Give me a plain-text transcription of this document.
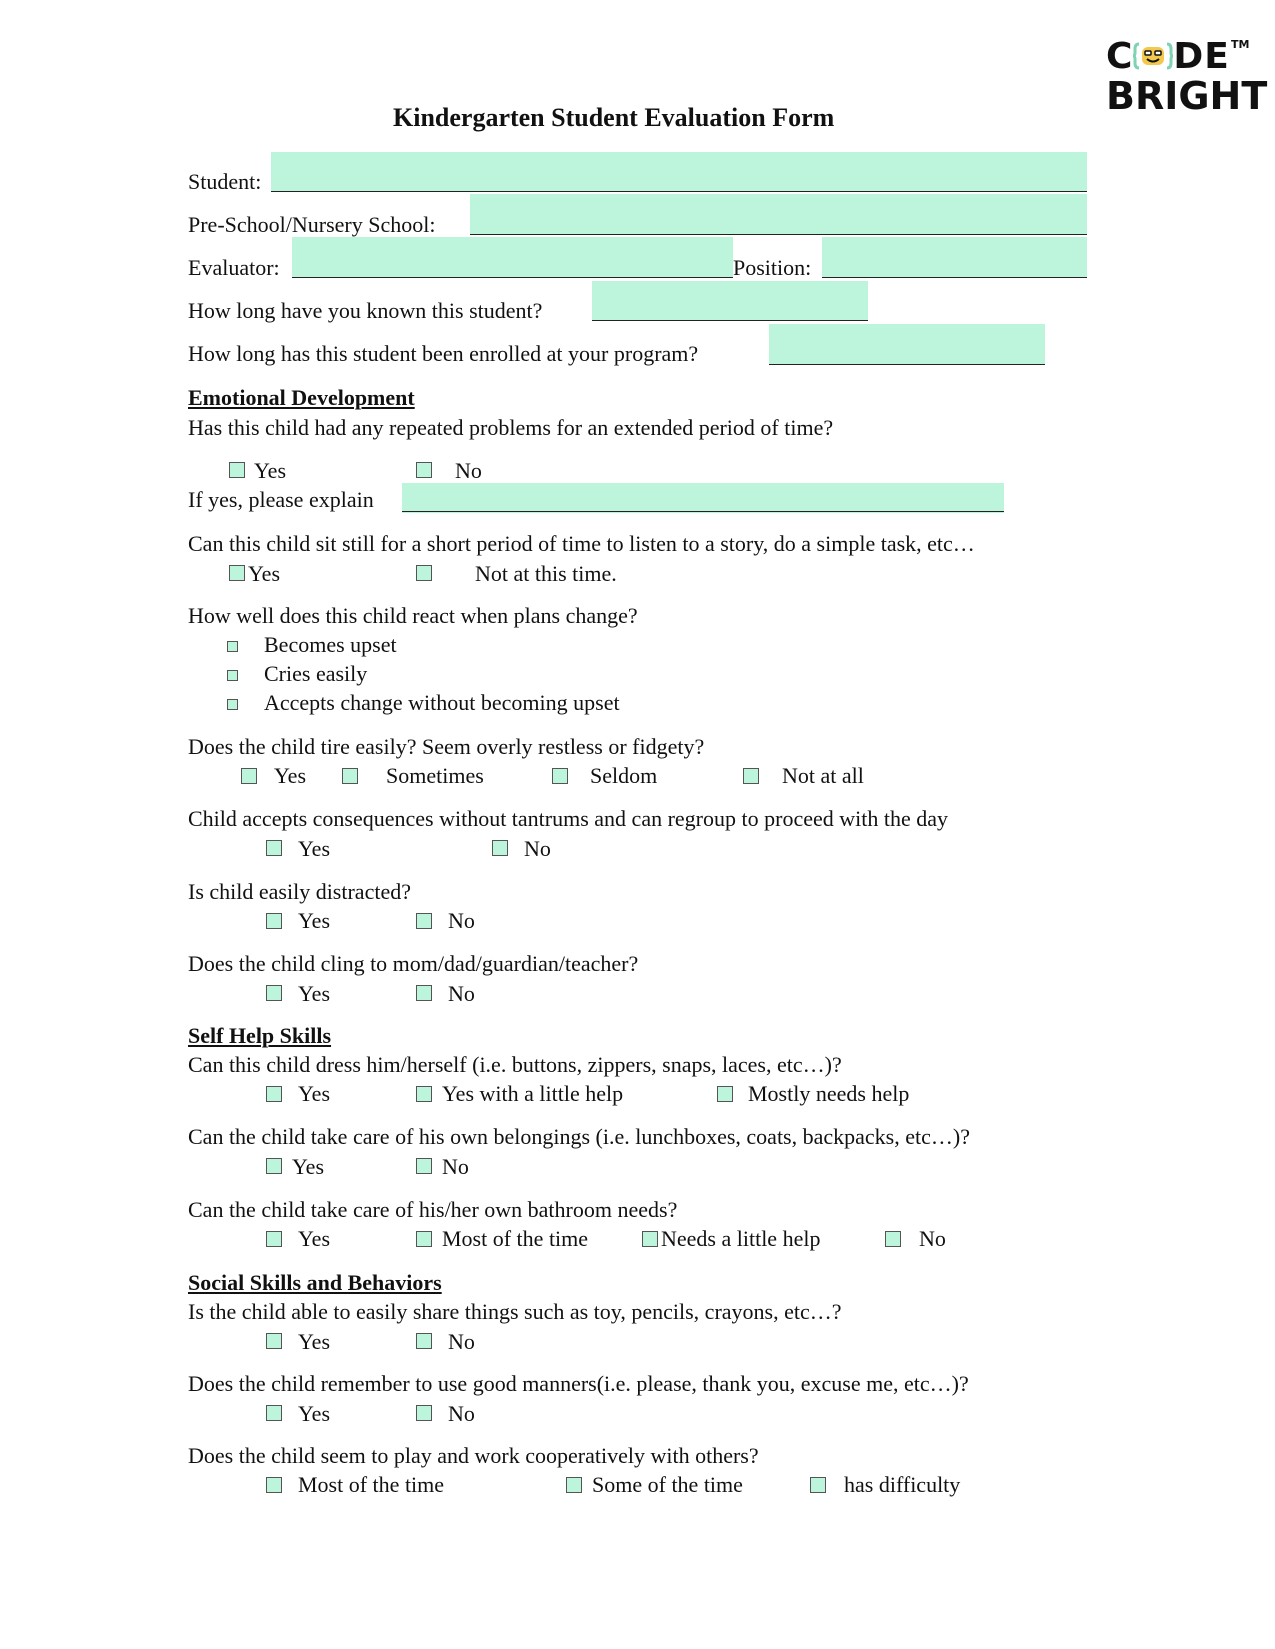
C DE
BRIGHT
TM
Kindergarten Student Evaluation Form
Student:
Pre-School/Nursery School:
Evaluator:	Position:
How long have you known this student?
How long has this student been enrolled at your program?
Emotional Development
Has this child had any repeated problems for an extended period of time?
Yes	No
If yes, please explain
Can this child sit still for a short period of time to listen to a story, do a simple task, etc…
Yes	Not at this time.
How well does this child react when plans change?
Becomes upset
Cries easily
Accepts change without becoming upset
Does the child tire easily? Seem overly restless or fidgety?
Yes	Sometimes	Seldom	Not at all
Child accepts consequences without tantrums and can regroup to proceed with the day
Yes	No
Is child easily distracted?
Yes	No
Does the child cling to mom/dad/guardian/teacher?
Yes	No
Self Help Skills
Can this child dress him/herself (i.e. buttons, zippers, snaps, laces, etc…)?
Yes	Yes with a little help	Mostly needs help
Can the child take care of his own belongings (i.e. lunchboxes, coats, backpacks, etc…)?
Yes	No
Can the child take care of his/her own bathroom needs?
Yes	Most of the time	Needs a little help	No
Social Skills and Behaviors
Is the child able to easily share things such as toy, pencils, crayons, etc…?
Yes	No
Does the child remember to use good manners(i.e. please, thank you, excuse me, etc…)?
Yes	No
Does the child seem to play and work cooperatively with others?
Most of the time	Some of the time	has difficulty
